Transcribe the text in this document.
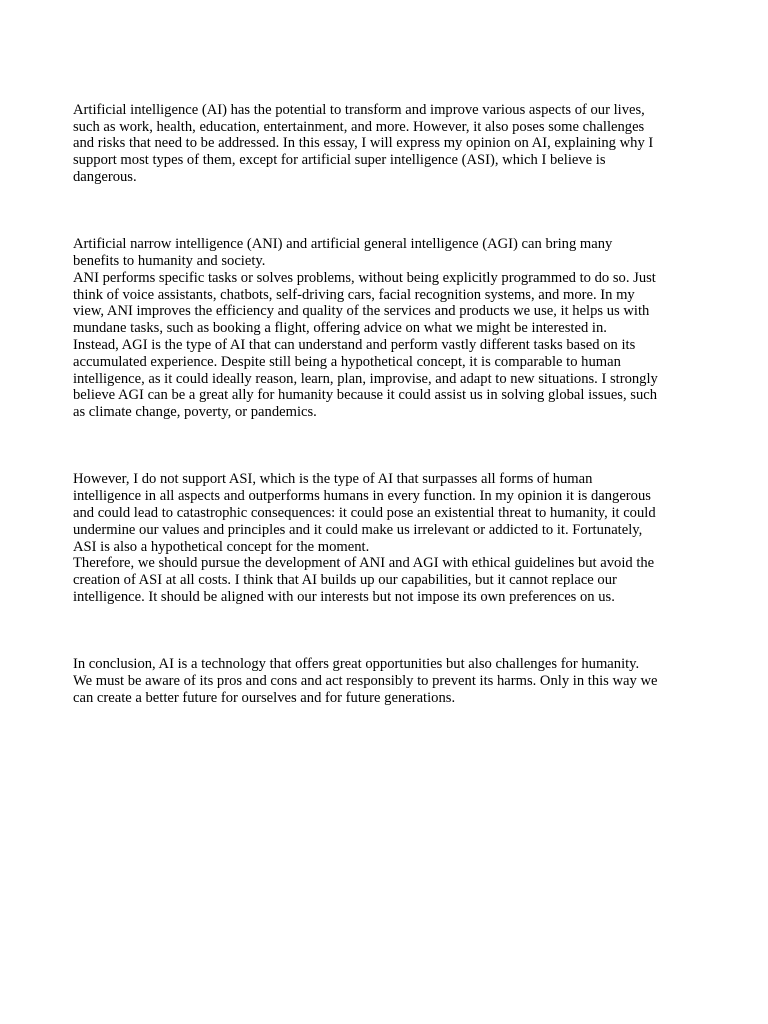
Artificial intelligence (AI) has the potential to transform and improve various aspects of our lives,
such as work, health, education, entertainment, and more. However, it also poses some challenges
and risks that need to be addressed. In this essay, I will express my opinion on AI, explaining why I
support most types of them, except for artificial super intelligence (ASI), which I believe is
dangerous.

Artificial narrow intelligence (ANI) and artificial general intelligence (AGI) can bring many
benefits to humanity and society.
ANI performs specific tasks or solves problems, without being explicitly programmed to do so. Just
think of voice assistants, chatbots, self-driving cars, facial recognition systems, and more. In my
view, ANI improves the efficiency and quality of the services and products we use, it helps us with
mundane tasks, such as booking a flight, offering advice on what we might be interested in.
Instead, AGI is the type of AI that can understand and perform vastly different tasks based on its
accumulated experience. Despite still being a hypothetical concept, it is comparable to human
intelligence, as it could ideally reason, learn, plan, improvise, and adapt to new situations. I strongly
believe AGI can be a great ally for humanity because it could assist us in solving global issues, such
as climate change, poverty, or pandemics.

However, I do not support ASI, which is the type of AI that surpasses all forms of human
intelligence in all aspects and outperforms humans in every function. In my opinion it is dangerous
and could lead to catastrophic consequences: it could pose an existential threat to humanity, it could
undermine our values and principles and it could make us irrelevant or addicted to it. Fortunately,
ASI is also a hypothetical concept for the moment.
Therefore, we should pursue the development of ANI and AGI with ethical guidelines but avoid the
creation of ASI at all costs. I think that AI builds up our capabilities, but it cannot replace our
intelligence. It should be aligned with our interests but not impose its own preferences on us.

In conclusion, AI is a technology that offers great opportunities but also challenges for humanity.
We must be aware of its pros and cons and act responsibly to prevent its harms. Only in this way we
can create a better future for ourselves and for future generations.
